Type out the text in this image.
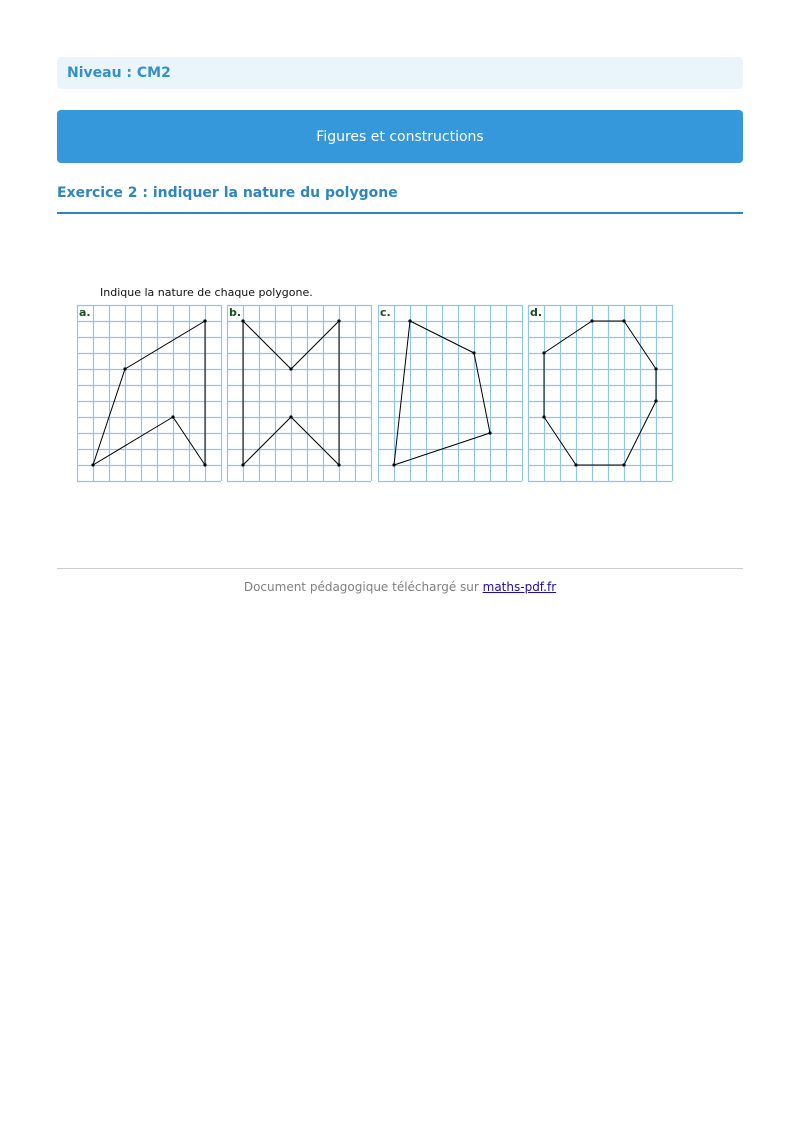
Niveau : CM2
Figures et constructions
Exercice 2 : indiquer la nature du polygone
Indique la nature de chaque polygone.
a.	b.	c.	d.
Document pédagogique téléchargé sur maths-pdf.fr
